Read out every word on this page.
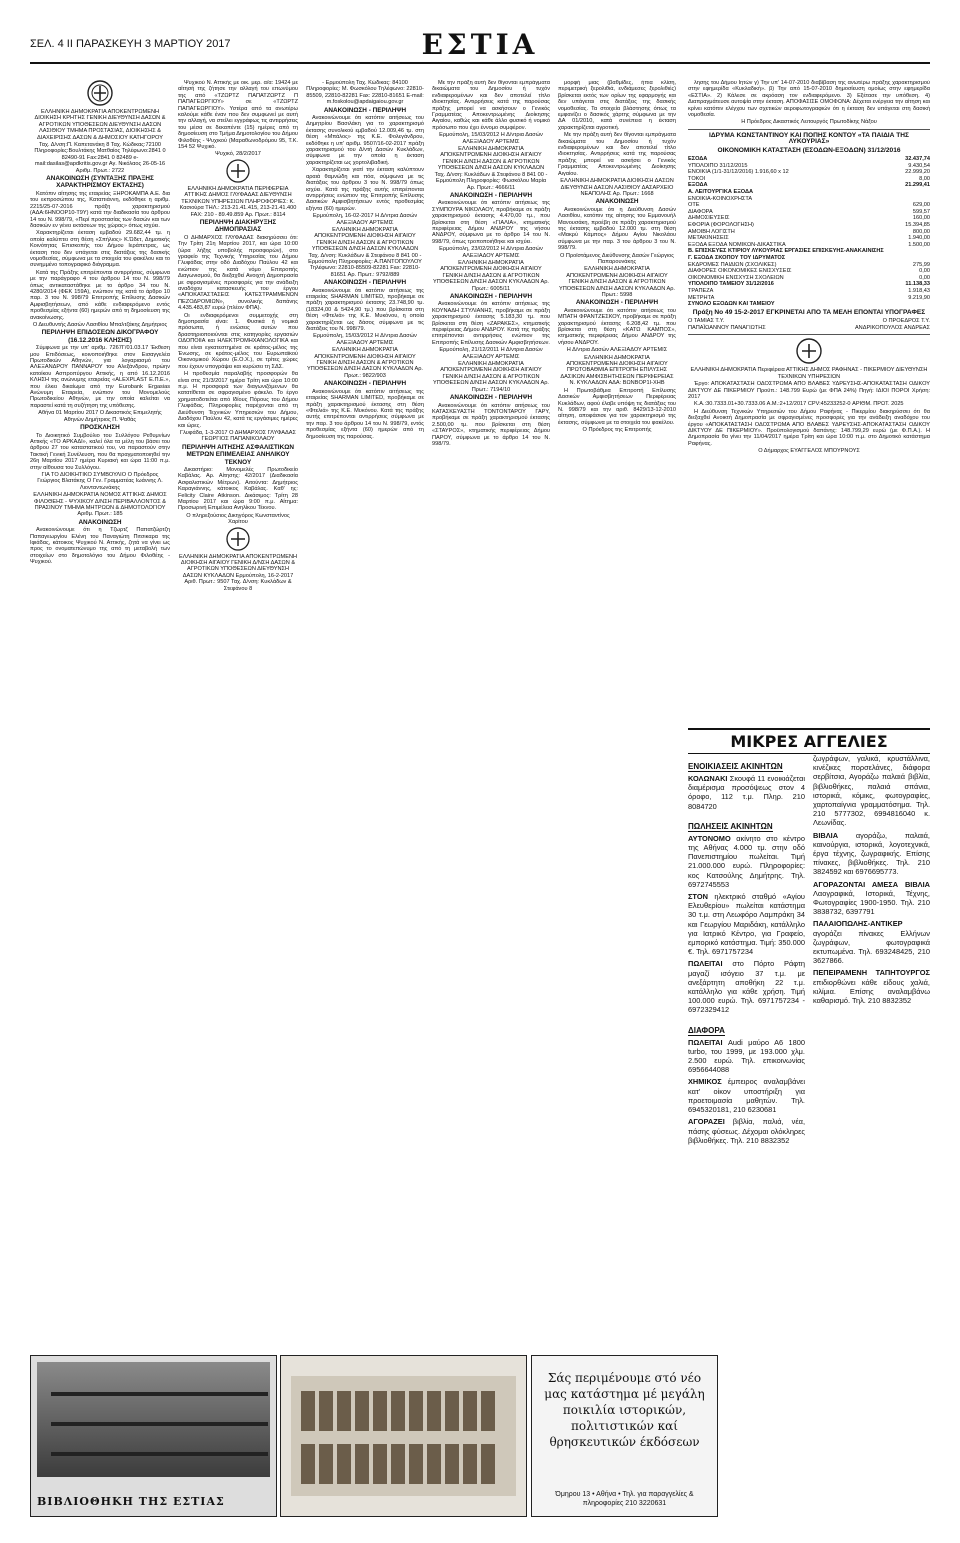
ΣΕΛ. 4 ΙΙ ΠΑΡΑΣΚΕΥΗ 3 ΜΑΡΤΙΟΥ 2017	ΕΣΤΙΑ

ΕΛΛΗΝΙΚΗ ΔΗΜΟΚΡΑΤΙΑ ΑΠΟΚΕΝΤΡΩΜΕΝΗ ΔΙΟΙΚΗΣΗ ΚΡΗΤΗΣ ΓΕΝΙΚΗ ΔΙΕΥΘΥΝΣΗ ΔΑΣΩΝ & ΑΓΡΟΤΙΚΩΝ ΥΠΟΘΕΣΕΩΝ ΔΙΕΥΘΥΝΣΗ ΔΑΣΩΝ ΛΑΣΙΘΙΟΥ ΤΜΗΜΑ ΠΡΟΣΤΑΣΙΑΣ, ΔΙΟΙΚΗΣΗΣ & ΔΙΑΧΕΙΡΙΣΗΣ ΔΑΣΩΝ & ΔΗΜΟΣΙΟΥ ΚΑΤΗΓΟΡΟΥ

Ταχ. Δ/νση:Π. Καπετανάκη 8 Ταχ. Κώδικας:72100 Πληροφορίες:Βουλτάκης Ματθαίος Τηλέφωνο:2841 0 82490-91 Fax:2841 0 82489 e-mail:dasilas@apdkritis.gov.gr Αγ. Νικόλαος 26-05-16 Αριθμ. Πρωτ.: 2722

ΑΝΑΚΟΙΝΩΣΗ (ΣΥΝΤΑΞΗΣ ΠΡΑΞΗΣ ΧΑΡΑΚΤΗΡΙΣΜΟΥ ΕΚΤΑΣΗΣ)

Κατόπιν αίτησης της εταιρείας ΞΗΡΟΚΑΜΠΑ Α.Ε. δια του εκπροσώπου της, Καταπιάννη, εκδόθηκε η αριθμ. 2215/25-07-2016 πράξη χαρακτηρισμού (ΑΔΑ:6ΗΝΟΟΡ10-Τ9Υ) κατά την διαδικασία του άρθρου 14 του Ν. 998/79, «Περί προστασίας των δασών και των δασικών εν γένει εκτάσεων της χώρας» όπως ισχύει.

Χαρακτηρίζεται έκταση εμβαδού 29.682,44 τμ. η οποία καλύπτει στη θέση «Σπήλιος» Κ.Ώδετ, Δημοτικής Κοινότητας Επισκοπής του Δήμου Ιεράπετρας, ως έκταση που δεν υπάγεται στις διατάξεις της δασικής νομοθεσίας, σύμφωνα με τα στοιχεία του φακέλου και το συνημμένο τοπογραφικό διάγραμμα.

Κατά της Πράξης επιτρέπονται αντιρρήσεις, σύμφωνα με την παράγραφο 4 του άρθρου 14 του Ν. 998/79 όπως αντικαταστάθηκε με το άρθρο 34 του Ν. 4280/2014 (ΦΕΚ 159Α), ενώπιον της κατά το άρθρο 10 παρ. 3 του Ν. 998/79 Επιτροπής Επίλυσης Δασικών Αμφισβητήσεων, από κάθε ενδιαφερόμενο εντός προθεσμίας εξήντα (60) ημερών από τη δημοσίευση της ανακοίνωσης.

Ο Διευθυντής Δασών Λασιθίου Μπαλτζάκης Δημήτριος

ΠΕΡΙΛΗΨΗ ΕΠΙΔΟΣΕΩΝ ΔΙΚΟΓΡΑΦΟΥ (16.12.2016 ΚΛΗΣΗΣ)

Σύμφωνα με την υπ' αριθμ. 7267Γ/01.03.17 Έκθεση μου Επιδόσεως, κοινοποιήθηκε στον Εισαγγελέα Πρωτοδικών Αθηνών, για λογαριασμό του ΑΛΕΞΑΝΔΡΟΥ ΠΑΝΝΑΡΟΥ του Αλεξάνδρου, πρώην κατοίκου Ασπροπύργου Αττικής, η από 16.12.2016 ΚΛΗΣΗ της ανώνυμης εταιρείας «ALEXPLAST Ε.Π.Ε.», που έλκει δικαίωμα από την Eurobank Ergasias Ανώνυμη Εταιρεία, ενώπιον του Μονομελούς Πρωτοδικείου Αθηνών, με την οποία καλείται να παραστεί κατά τη συζήτηση της υπόθεσης.

Αθήνα 01 Μαρτίου 2017 Ο Δικαστικός Επιμελητής Αθηνών Δημήτριος Π. Ψαθάς

ΠΡΟΣΚΛΗΣΗ

Το Διοικητικό Συμβούλιο του Συλλόγου Ρεθυμνίων Αττικής «ΤΟ ΑΡΚΑΔΙ», καλεί όλα τα μέλη του βάσει του άρθρου 27 του καταστατικού του, να παραστούν στην Τακτική Γενική Συνέλευση, που θα πραγματοποιηθεί την 26η Μαρτίου 2017 ημέρα Κυριακή και ώρα 11:00 π.μ. στην αίθουσα του Συλλόγου.

ΓΙΑ ΤΟ ΔΙΟΙΚΗΤΙΚΟ ΣΥΜΒΟΥΛΙΟ Ο Πρόεδρος Γεώργιος Βλατάκης Ο Γεν. Γραμματέας Ιωάννης Λ. Λιονταντωνάκης

ΕΛΛΗΝΙΚΗ ΔΗΜΟΚΡΑΤΙΑ ΝΟΜΟΣ ΑΤΤΙΚΗΣ ΔΗΜΟΣ ΦΙΛΟΘΕΗΣ - ΨΥΧΙΚΟΥ Δ/ΝΣΗ ΠΕΡΙΒΑΛΛΟΝΤΟΣ & ΠΡΑΣΙΝΟΥ ΤΜΗΜΑ ΜΗΤΡΩΩΝ & ΔΗΜΟΤΟΛΟΓΙΟΥ Αριθμ. Πρωτ.: 185

ΑΝΑΚΟΙΝΩΣΗ

Ανακοινώνουμε ότι η Τζωρτζ Παπατζώρτζη Παπαγεωργίου Ελένη του Παναγιώτη Πιτσικαρα της Ιφιάδας, κάτοικος Ψυχικού Ν. Αττικής, ζητά να γίνει ως προς το ονοματεπώνυμο της από τη μεταβολή των στοιχείων στο δημοτολόγιο του Δήμου Φιλοθέης - Ψυχικού.

Ψυχικού Ν. Αττικής με οικ. μερ. α/α: 19424 με αίτησή της ζήτησε την αλλαγή του επωνύμου της από «ΤΖΩΡΤΖ ΠΑΠΑΤΖΩΡΤΖ Π ΠΑΠΑΓΕΩΡΓΙΟΥ» σε «ΤΖΩΡΤΖ ΠΑΠΑΓΕΩΡΓΙΟΥ». Υστέρα από τα ανωτέρω καλούμε κάθε έναν που δεν συμφωνεί με αυτή την αλλαγή, να στείλει εγγράφως τις αντιρρήσεις του μέσα σε δεκαπέντε (15) ημέρες από τη δημοσίευση στο Τμήμα Δημοτολογίου του Δήμου Φιλοθέης - Ψυχικού (Μαραθωνοδρόμου 95, Τ.Κ. 154 52 Ψυχικό.

Ψυχικό, 28/2/2017

ΕΛΛΗΝΙΚΗ ΔΗΜΟΚΡΑΤΙΑ ΠΕΡΙΦΕΡΕΙΑ ΑΤΤΙΚΗΣ ΔΗΜΟΣ ΓΛΥΦΑΔΑΣ ΔΙΕΥΘΥΝΣΗ ΤΕΧΝΙΚΩΝ ΥΠΗΡΕΣΙΩΝ ΠΛΗΡΟΦΟΡΙΕΣ: Κ. Κασιούρα ΤΗΛ.: 213-21.41.415, 213-21.41.400 FAX: 210 - 89.49.859 Αρ. Πρωτ.: 8114

ΠΕΡΙΛΗΨΗ ΔΙΑΚΗΡΥΞΗΣ ΔΗΜΟΠΡΑΣΙΑΣ

Ο ΔΗΜΑΡΧΟΣ ΓΛΥΦΑΔΑΣ διακηρύσσει ότι: Την Τρίτη 21η Μαρτίου 2017, και ώρα 10:00 (ώρα λήξης υποβολής προσφορών), στο γραφείο της Τεχνικής Υπηρεσίας του Δήμου Γλυφάδας στην οδό Διαδόχου Παύλου 42 και ενώπιον της κατά νόμο Επιτροπής Διαγωνισμού, θα διεξαχθεί Ανοιχτή Δημοπρασία με σφραγισμένες προσφορές για την ανάδειξη αναδόχου κατασκευής του έργου «ΑΠΟΚΑΤΑΣΤΑΣΕΙΣ ΚΑΤΕΣΤΡΑΜΜΕΝΩΝ ΠΕΖΟΔΡΟΜΙΩΝ», συνολικής δαπάνης 4.435.483,87 ευρώ (πλέον ΦΠΑ).

Οι ενδιαφερόμενοι συμμετοχής στη δημοπρασία είναι: 1. Φυσικά ή νομικά πρόσωπα, ή ενώσεις αυτών που δραστηριοποιούνται στις κατηγορίες εργασιών ΟΔΟΠΟΙΙΑ και ΗΛΕΚΤΡΟΜΗΧΑΝΟΛΟΓΙΚΑ και που είναι εγκατεστημένα σε κράτος-μέλος της Ένωσης, σε κράτος-μέλος του Ευρωπαϊκού Οικονομικού Χώρου (Ε.Ο.Χ.), σε τρίτες χώρες που έχουν υπογράψει και κυρώσει τη ΣΔΣ.

Η προθεσμία παραλαβής προσφορών θα είναι στις 21/3/2017 ημέρα Τρίτη και ώρα 10:00 π.μ. Η προσφορά των διαγωνιζόμενων θα κατατίθεται σε σφραγισμένο φάκελο. Το έργο χρηματοδοτείται από Ιδίους Πόρους του Δήμου Γλυφάδας. Πληροφορίες παρέχονται από τη Διεύθυνση Τεχνικών Υπηρεσιών του Δήμου, Διαδόχου Παύλου 42, κατά τις εργάσιμες ημέρες και ώρες.

Γλυφάδα, 1-3-2017 Ο ΔΗΜΑΡΧΟΣ ΓΛΥΦΑΔΑΣ ΓΕΩΡΓΙΟΣ ΠΑΠΑΝΙΚΟΛΑΟΥ

ΠΕΡΙΛΗΨΗ ΑΙΤΗΣΗΣ ΑΣΦΑΛΙΣΤΙΚΩΝ ΜΕΤΡΩΝ ΕΠΙΜΕΛΕΙΑΣ ΑΝΗΛΙΚΟΥ ΤΕΚΝΟΥ

Δικαστήριο: Μονομελές Πρωτοδικείο Καβάλας. Αρ. Αίτησης: 42/2017 (Διαδικασία Ασφαλιστικών Μέτρων). Αιτούντα: Δημήτριος Καραγιάννης, κάτοικος Καβάλας. Καθ' ης: Felicity Claire Atkinson. Δικάσιμος: Τρίτη 28 Μαρτίου 2017 και ώρα 9:00 π.μ. Αίτημα: Προσωρινή Επιμέλεια Ανηλίκου Τέκνου.

Ο πληρεξούσιος Δικηγόρος Κωνσταντίνος Χαρίτου

ΕΛΛΗΝΙΚΗ ΔΗΜΟΚΡΑΤΙΑ ΑΠΟΚΕΝΤΡΩΜΕΝΗ ΔΙΟΙΚΗΣΗ ΑΙΓΑΙΟΥ ΓΕΝΙΚΗ Δ/ΝΣΗ ΔΑΣΩΝ & ΑΓΡΟΤΙΚΩΝ ΥΠΟΘΕΣΕΩΝ ΔΙΕΥΘΥΝΣΗ ΔΑΣΩΝ ΚΥΚΛΑΔΩΝ Ερμούπολη, 16-2-2017 Αριθ. Πρωτ.: 9507 Ταχ. Δ/νση: Κυκλάδων & Στεφάνου 8

- Ερμούπολη Ταχ. Κώδικας: 84100 Πληροφορίες: Μ. Φωσκόλου Τηλέφωνο: 22810-85509, 22810-82281 Fax: 22810-81651 E-mail: m.foskolou@apdaigaiou.gov.gr

ΑΝΑΚΟΙΝΩΣΗ - ΠΕΡΙΛΗΨΗ

Ανακοινώνουμε ότι κατόπιν αιτήσεως του Δημητρίου Βασιλάκη για το χαρακτηρισμό έκτασης συνολικού εμβαδού 12.009,46 τμ. στη θέση «Μπάλος» της Κ.Ε. Φολεγάνδρου, εκδόθηκε η υπ' αριθμ. 9507/16-02-2017 πράξη χαρακτηρισμού του Δ/ντή Δασών Κυκλάδων, σύμφωνα με την οποία η έκταση χαρακτηρίζεται ως χορτολιβαδική.

Χαρακτηρίζεται γιατί την έκταση καλύπτουν αραιά θαμνώδη και πόα, σύμφωνα με τις διατάξεις του άρθρου 3 του Ν. 998/79 όπως ισχύει. Κατά της πράξης αυτής επιτρέπονται αντιρρήσεις ενώπιον της Επιτροπής Επίλυσης Δασικών Αμφισβητήσεων εντός προθεσμίας εξήντα (60) ημερών.

Ερμούπολη, 16-02-2017 Η Δ/ντρια Δασών ΑΛΕΞΙΑΔΟΥ ΑΡΤΕΜΙΣ

ΕΛΛΗΝΙΚΗ ΔΗΜΟΚΡΑΤΙΑ ΑΠΟΚΕΝΤΡΩΜΕΝΗ ΔΙΟΙΚΗΣΗ ΑΙΓΑΙΟΥ ΓΕΝΙΚΗ Δ/ΝΣΗ ΔΑΣΩΝ & ΑΓΡΟΤΙΚΩΝ ΥΠΟΘΕΣΕΩΝ Δ/ΝΣΗ ΔΑΣΩΝ ΚΥΚΛΑΔΩΝ Ταχ. Δ/νση: Κυκλάδων & Στεφάνου 8 841 00 - Ερμούπολη Πληροφορίες: Α.ΠΑΝΤΟΠΟΥΛΟΥ Τηλέφωνο: 22810-85509-82281 Fax: 22810-81651 Αρ. Πρωτ.: 9792/889

ΑΝΑΚΟΙΝΩΣΗ - ΠΕΡΙΛΗΨΗ

Ανακοινώνουμε ότι κατόπιν αιτήσεως της εταιρείας SHARMAN LIMITED, προβήκαμε σε πράξη χαρακτηρισμού έκτασης 23.748,90 τμ. (18324,00 & 5424,90 τμ.) που βρίσκεται στη θέση «Φτελιά» της Κ.Ε. Μυκόνου, η οποία χαρακτηρίζεται ως δάσος σύμφωνα με τις διατάξεις του Ν. 998/79.

Ερμούπολη, 15/03/2012 Η Δ/ντρια Δασών ΑΛΕΞΙΑΔΟΥ ΑΡΤΕΜΙΣ

ΕΛΛΗΝΙΚΗ ΔΗΜΟΚΡΑΤΙΑ ΑΠΟΚΕΝΤΡΩΜΕΝΗ ΔΙΟΙΚΗΣΗ ΑΙΓΑΙΟΥ ΓΕΝΙΚΗ Δ/ΝΣΗ ΔΑΣΩΝ & ΑΓΡΟΤΙΚΩΝ ΥΠΟΘΕΣΕΩΝ Δ/ΝΣΗ ΔΑΣΩΝ ΚΥΚΛΑΔΩΝ Αρ. Πρωτ.: 9822/903

ΑΝΑΚΟΙΝΩΣΗ - ΠΕΡΙΛΗΨΗ

Ανακοινώνουμε ότι κατόπιν αιτήσεως της εταιρείας SHARMAN LIMITED, προβήκαμε σε πράξη χαρακτηρισμού έκτασης στη θέση «Φτελιά» της Κ.Ε. Μυκόνου. Κατά της πράξης αυτής επιτρέπονται αντιρρήσεις σύμφωνα με την παρ. 3 του άρθρου 14 του Ν. 998/79, εντός προθεσμίας εξήντα (60) ημερών από τη δημοσίευση της παρούσας.

Με την πράξη αυτή δεν θίγονται εμπράγματα δικαιώματα του Δημοσίου ή τυχόν ενδιαφερομένων και δεν αποτελεί τίτλο ιδιοκτησίας. Αντιρρήσεις κατά της παρούσας πράξης μπορεί να ασκήσουν ο Γενικός Γραμματέας Αποκεντρωμένης Διοίκησης Αιγαίου, καθώς και κάθε άλλο φυσικό ή νομικό πρόσωπο που έχει έννομο συμφέρον.

Ερμούπολη, 15/03/2012 Η Δ/ντρια Δασών ΑΛΕΞΙΑΔΟΥ ΑΡΤΕΜΙΣ

ΕΛΛΗΝΙΚΗ ΔΗΜΟΚΡΑΤΙΑ ΑΠΟΚΕΝΤΡΩΜΕΝΗ ΔΙΟΙΚΗΣΗ ΑΙΓΑΙΟΥ ΓΕΝΙΚΗ Δ/ΝΣΗ ΔΑΣΩΝ & ΑΓΡΟΤΙΚΩΝ ΥΠΟΘΕΣΕΩΝ Δ/ΝΣΗ ΔΑΣΩΝ ΚΥΚΛΑΔΩΝ Ταχ. Δ/νση: Κυκλάδων & Στεφάνου 8 841 00 - Ερμούπολη Πληροφορίες: Φωσκόλου Μαρία Αρ. Πρωτ.: 4666/11

ΑΝΑΚΟΙΝΩΣΗ - ΠΕΡΙΛΗΨΗ

Ανακοινώνουμε ότι κατόπιν αιτήσεως της ΣΥΜΠΟΥΡΑ ΝΙΚΟΛΑΟΥ, προβήκαμε σε πράξη χαρακτηρισμού έκτασης 4.470,00 τμ., που βρίσκεται στη θέση «ΓΙΑΛΙΑ», κτηματικής περιφέρειας Δήμου ΑΝΔΡΟΥ της νήσου ΑΝΔΡΟΥ, σύμφωνα με το άρθρο 14 του Ν. 998/79, όπως τροποποιήθηκε και ισχύει.

Ερμούπολη, 23/02/2012 Η Δ/ντρια Δασών ΑΛΕΞΙΑΔΟΥ ΑΡΤΕΜΙΣ

ΕΛΛΗΝΙΚΗ ΔΗΜΟΚΡΑΤΙΑ ΑΠΟΚΕΝΤΡΩΜΕΝΗ ΔΙΟΙΚΗΣΗ ΑΙΓΑΙΟΥ ΓΕΝΙΚΗ Δ/ΝΣΗ ΔΑΣΩΝ & ΑΓΡΟΤΙΚΩΝ ΥΠΟΘΕΣΕΩΝ Δ/ΝΣΗ ΔΑΣΩΝ ΚΥΚΛΑΔΩΝ Αρ. Πρωτ.: 6005/11

ΑΝΑΚΟΙΝΩΣΗ - ΠΕΡΙΛΗΨΗ

Ανακοινώνουμε ότι κατόπιν αιτήσεως της ΚΟΥΝΑΔΗ ΣΤΥΛΙΑΝΗΣ, προβήκαμε σε πράξη χαρακτηρισμού έκτασης 5.183,30 τμ. που βρίσκεται στη θέση «ΖΑΡΑΚΕΣ», κτηματικής περιφέρειας Δήμου ΑΝΔΡΟΥ. Κατά της πράξης επιτρέπονται αντιρρήσεις ενώπιον της Επιτροπής Επίλυσης Δασικών Αμφισβητήσεων.

Ερμούπολη, 21/12/2011 Η Δ/ντρια Δασών ΑΛΕΞΙΑΔΟΥ ΑΡΤΕΜΙΣ

ΕΛΛΗΝΙΚΗ ΔΗΜΟΚΡΑΤΙΑ ΑΠΟΚΕΝΤΡΩΜΕΝΗ ΔΙΟΙΚΗΣΗ ΑΙΓΑΙΟΥ ΓΕΝΙΚΗ Δ/ΝΣΗ ΔΑΣΩΝ & ΑΓΡΟΤΙΚΩΝ ΥΠΟΘΕΣΕΩΝ Δ/ΝΣΗ ΔΑΣΩΝ ΚΥΚΛΑΔΩΝ Αρ. Πρωτ.: 7194/10

ΑΝΑΚΟΙΝΩΣΗ - ΠΕΡΙΛΗΨΗ

Ανακοινώνουμε ότι κατόπιν αιτήσεως του ΚΑΤΑΣΚΕΥΑΣΤΗ ΤΟΝΤΟΝΤΑΡΟΥ ΓΑΡΥ, προβήκαμε σε πράξη χαρακτηρισμού έκτασης 2.500,00 τμ. που βρίσκεται στη θέση «ΣΤΑΥΡΟΣ», κτηματικής περιφέρειας Δήμου ΠΑΡΟΥ, σύμφωνα με το άρθρο 14 του Ν. 998/79.

μορφή μιας (βαθμίδες, ήπια κλίση, περιμετρική ξερολιθιά, ενδιάμεσες ξερολιθιές) βρίσκεται εκτός των ορίων της εφαρμογής και δεν υπάγεται στις διατάξεις της δασικής νομοθεσίας. Τα στοιχεία βλάστησης όπως τα εμφανίζει ο δασικός χάρτης σύμφωνα με την ΔΑ 01/2010, κατά συνέπεια η έκταση χαρακτηρίζεται αγροτική.

Με την πράξη αυτή δεν θίγονται εμπράγματα δικαιώματα του Δημοσίου ή τυχόν ενδιαφερομένων και δεν αποτελεί τίτλο ιδιοκτησίας. Αντιρρήσεις κατά της παρούσας πράξης μπορεί να ασκήσει ο Γενικός Γραμματέας Αποκεντρωμένης Διοίκησης Αιγαίου.

ΕΛΛΗΝΙΚΗ ΔΗΜΟΚΡΑΤΙΑ ΔΙΟΙΚΗΣΗ ΔΑΣΩΝ ΔΙΕΥΘΥΝΣΗ ΔΑΣΩΝ ΛΑΣΙΘΙΟΥ ΔΑΣΑΡΧΕΙΟ ΝΕΑΠΟΛΗΣ Αρ. Πρωτ.: 1668

ΑΝΑΚΟΙΝΩΣΗ

Ανακοινώνουμε ότι η Διεύθυνση Δασών Λασιθίου, κατόπιν της αίτησης του Εμμανουήλ Μανουσάκη, προέβη σε πράξη χαρακτηρισμού της έκτασης εμβαδού 12.000 τμ. στη θέση «Μακρύ Κάμπος» Δήμου Αγίου Νικολάου σύμφωνα με την παρ. 3 του άρθρου 3 του Ν. 998/79.

Ο Προϊστάμενος Διεύθυνσης Δασών Γεώργιος Παπαρουνάκης

ΕΛΛΗΝΙΚΗ ΔΗΜΟΚΡΑΤΙΑ ΑΠΟΚΕΝΤΡΩΜΕΝΗ ΔΙΟΙΚΗΣΗ ΑΙΓΑΙΟΥ ΓΕΝΙΚΗ Δ/ΝΣΗ ΔΑΣΩΝ & ΑΓΡΟΤΙΚΩΝ ΥΠΟΘΕΣΕΩΝ Δ/ΝΣΗ ΔΑΣΩΝ ΚΥΚΛΑΔΩΝ Αρ. Πρωτ.: 5998

ΑΝΑΚΟΙΝΩΣΗ - ΠΕΡΙΛΗΨΗ

Ανακοινώνουμε ότι κατόπιν αιτήσεως του ΜΠΑΤΗ ΦΡΑΝΤΖΕΣΚΟΥ, προβήκαμε σε πράξη χαρακτηρισμού έκτασης 6.208,42 τμ. που βρίσκεται στη θέση «ΚΑΤΩ ΚΑΜΠΟΣ», κτηματικής περιφέρειας Δήμου ΑΝΔΡΟΥ της νήσου ΑΝΔΡΟΥ.

Η Δ/ντρια Δασών ΑΛΕΞΙΑΔΟΥ ΑΡΤΕΜΙΣ

ΕΛΛΗΝΙΚΗ ΔΗΜΟΚΡΑΤΙΑ ΑΠΟΚΕΝΤΡΩΜΕΝΗ ΔΙΟΙΚΗΣΗ ΑΙΓΑΙΟΥ ΠΡΩΤΟΒΑΘΜΙΑ ΕΠΙΤΡΟΠΗ ΕΠΙΛΥΣΗΣ ΔΑΣΙΚΩΝ ΑΜΦΙΣΒΗΤΗΣΕΩΝ ΠΕΡΙΦΕΡΕΙΑΣ Ν. ΚΥΚΛΑΔΩΝ ΑΔΑ: ΒΩΝΒΟΡ1Ι-ΧΗΒ

Η Πρωτοβάθμια Επιτροπή Επίλυσης Δασικών Αμφισβητήσεων Περιφέρειας Κυκλάδων, αφού έλαβε υπόψη τις διατάξεις του Ν. 998/79 και την αριθ. 8429/13-12-2010 αίτηση, αποφάσισε για τον χαρακτηρισμό της έκτασης, σύμφωνα με τα στοιχεία του φακέλου.

Ο Πρόεδρος της Επιτροπής

λησης του Δήμου Ιητών γ) Την υπ' 14-07-2010 διαβίβαση της ανωτέρω πράξης χαρακτηρισμού στην εφημερίδα «Κυκλαδική». β) Την από 15-07-2010 δημοσίευση ομοίως στην εφημερίδα «ΕΣΤΙΑ». 2) Κάλεσε σε ακρόαση τον ενδιαφερόμενο. 3) Εξέτασε την υπόθεση. 4) Διαπραγμάτευσε αυτοψία στην έκταση. ΑΠΟΦΑΣΙΣΕ ΟΜΟΦΩΝΑ: Δέχεται ενέργεια την αίτηση και κρίνει κατόπιν ελέγχου των σχετικών αεροφωτογραφιών ότι η έκταση δεν υπάγεται στη δασική νομοθεσία.

Η Πρόεδρος Δικαστικός Λειτουργός Πρωτοδίκης Νάξου

ΙΔΡΥΜΑ ΚΩΝΣΤΑΝΤΙΝΟΥ ΚΑΙ ΠΟΠΗΣ ΚΟΝΤΟΥ «ΤΑ ΠΑΙΔΙΑ ΤΗΣ ΛΥΚΟΥΡΙΑΣ»
ΟΙΚΟΝΟΜΙΚΗ ΚΑΤΑΣΤΑΣΗ (ΕΣΟΔΩΝ-ΕΞΟΔΩΝ) 31/12/2016
ΕΣΟΔΑ	32.437,74
ΥΠΟΛΟΙΠΟ 31/12/2015	9.430,54
ΕΝΟΙΚΙΑ (1/1-31/12/2016) 1.916,60 x 12	22.999,20
ΤΟΚΟΙ	8,00
ΕΞΟΔΑ	21.299,41
Α. ΛΕΙΤΟΥΡΓΙΚΑ ΕΞΟΔΑ
ΕΝΟΙΚΙΑ-ΚΟΙΝΟΧΡΗΣΤΑ
ΟΤΕ	629,00
ΔΙΑΦΟΡΑ	599,57
ΔΗΜΟΣΙΕΥΣΕΙΣ	160,00
ΕΦΟΡΙΑ (ΦΟΡΟΛΟΓΗΣΗ)	15.394,85
ΑΜΟΙΒΗ ΛΟΓΙΣΤΗ	800,00
ΜΕΤΑΚΙΝΗΣΕΙΣ	1.940,00
ΕΞΟΔΑ ΕΞΟΔΑ ΝΟΜΙΚΩΝ-ΔΙΚΑΣΤΙΚΑ	1.500,00
Β. ΕΠΙΣΚΕΥΕΣ ΚΤΙΡΙΟΥ ΛΥΚΟΥΡΙΑΣ ΕΡΓΑΣΙΕΣ ΕΠΙΣΚΕΥΗΣ-ΑΝΑΚΑΙΝΙΣΗΣ
Γ. ΕΞΟΔΑ ΣΚΟΠΟΥ ΤΟΥ ΙΔΡΥΜΑΤΟΣ
ΕΚΔΡΟΜΕΣ ΠΑΙΔΙΩΝ (ΣΧΟΛΙΚΕΣ)	275,99
ΔΙΑΦΟΡΕΣ ΟΙΚΟΝΟΜΙΚΕΣ ΕΝΙΣΧΥΣΕΙΣ	0,00
ΟΙΚΟΝΟΜΙΚΗ ΕΝΙΣΧΥΣΗ ΣΧΟΛΕΙΩΝ	0,00
ΥΠΟΛΟΙΠΟ ΤΑΜΕΙΟΥ 31/12/2016	11.138,33
ΤΡΑΠΕΖΑ	1.918,43
ΜΕΤΡΗΤΑ	9.219,90
ΣΥΝΟΛΟ ΕΞΟΔΩΝ ΚΑΙ ΤΑΜΕΙΟΥ
Πράξη Νο 49 15-2-2017 ΕΓΚΡΙΝΕΤΑΙ ΑΠΟ ΤΑ ΜΕΛΗ ΕΠΟΝΤΑΙ ΥΠΟΓΡΑΦΕΣ
Ο ΤΑΜΙΑΣ Τ.Υ.	Ο ΠΡΟΕΔΡΟΣ Τ.Υ.
ΠΑΠΑΪΩΑΝΝΟΥ ΠΑΝΑΓΙΩΤΗΣ	ΑΝΔΡΙΚΟΠΟΥΛΟΣ ΑΝΔΡΕΑΣ

ΕΛΛΗΝΙΚΗ ΔΗΜΟΚΡΑΤΙΑ Περιφέρεια ΑΤΤΙΚΗΣ ΔΗΜΟΣ ΡΑΦΗΝΑΣ - ΠΙΚΕΡΜΙΟΥ ΔΙΕΥΘΥΝΣΗ ΤΕΧΝΙΚΩΝ ΥΠΗΡΕΣΙΩΝ

Έργο: ΑΠΟΚΑΤΑΣΤΑΣΗ ΟΔΟΣΤΡΩΜΑ ΑΠΟ ΒΛΑΒΕΣ ΥΔΡΕΥΣΗΣ-ΑΠΟΚΑΤΑΣΤΑΣΗ ΟΔΙΚΟΥ ΔΙΚΤΥΟΥ ΔΕ ΠΙΚΕΡΜΙΟΥ Προϋπ.: 148.799 Ευρώ (με ΦΠΑ 24%) Πηγή: ΙΔΙΟΙ ΠΟΡΟΙ Χρήση: 2017

Κ.Α.:30.7333.01+30.7333.06 Α.Μ.:2+12/2017 CPV:45233252-0 ΑΡΙΘΜ. ΠΡΩΤ. 2025

Η Διεύθυνση Τεχνικών Υπηρεσιών του Δήμου Ραφήνας - Πικερμίου διακηρύσσει ότι θα διεξαχθεί Ανοικτή Δημοπρασία με σφραγισμένες προσφορές για την ανάδειξη αναδόχου του έργου «ΑΠΟΚΑΤΑΣΤΑΣΗ ΟΔΟΣΤΡΩΜΑ ΑΠΟ ΒΛΑΒΕΣ ΥΔΡΕΥΣΗΣ-ΑΠΟΚΑΤΑΣΤΑΣΗ ΟΔΙΚΟΥ ΔΙΚΤΥΟΥ ΔΕ ΠΙΚΕΡΜΙΟΥ». Προϋπολογισμού δαπάνης: 148.799,29 ευρώ (με Φ.Π.Α.). Η Δημοπρασία θα γίνει την 11/04/2017 ημέρα Τρίτη και ώρα 10:00 π.μ. στο Δημοτικό κατάστημα Ραφήνας.

Ο Δήμαρχος ΕΥΑΓΓΕΛΟΣ ΜΠΟΥΡΝΟΥΣ

ΜΙΚΡΕΣ ΑΓΓΕΛΙΕΣ
ΕΝΟΙΚΙΑΣΕΙΣ ΑΚΙΝΗΤΩΝ

ΚΟΛΩΝΑΚΙ Σκουφά 11 ενοικιάζεται διαμέρισμα προσόψεως στον 4 όροφο, 112 τ.μ. Πληρ. 210 8084720

ΠΩΛΗΣΕΙΣ ΑΚΙΝΗΤΩΝ

ΑΥΤΟΝΟΜΟ ακίνητο στο κέντρο της Αθήνας 4.000 τμ. στην οδό Πανεπιστημίου πωλείται. Τιμή 21.000.000 ευρώ. Πληροφορίες: κος Κατσούλης Δημήτρης. Τηλ. 6972745553

ΣΤΟΝ ηλεκτρικό σταθμό «Αγίου Ελευθερίου» πωλείται κατάστημα 30 τ.μ. στη Λεωφόρο Λαμπράκη 34 και Γεωργίου Μαριδάκη, κατάλληλο για Ιατρικό Κέντρο, για Γραφείο, εμπορικό κατάστημα. Τιμή: 350.000 €. Τηλ. 6971757234

ΠΩΛΕΙΤΑΙ στο Πόρτο Ράφτη μαγαζί ισόγειο 37 τ.μ. με ανεξάρτητη αποθήκη 22 τ.μ. κατάλληλο για κάθε χρήση. Τιμή 100.000 ευρώ. Τηλ. 6971757234 - 6972329412

ΔΙΑΦΟΡΑ

ΠΩΛΕΙΤΑΙ Audi μαύρο Α6 1800 turbo, του 1999, με 193.000 χλμ. 2.500 ευρώ. Τηλ. επικοινωνίας 6956644088

ΧΗΜΙΚΟΣ έμπειρος αναλαμβάνει κατ' οίκον υποστήριξη για προετοιμασία μαθητών. Τηλ. 6945320181, 210 6230681

ΑΓΟΡΑΖΕΙ βιβλία, παλιά, νέα, πάσης φύσεως. Δέχομαι ολόκληρες βιβλιοθήκες. Τηλ. 210 8832352

ζωγράφων, γαλικά, κρυστάλλινα, κινέζικες πορσελάνες, διάφορα σερβίτσια, Αγοράζω παλαιά βιβλία, βιβλιοθήκες, παλαιά σπάνια, ιστορικά, κόμικς, φωτογραφίες, χαρτοπαίγνια γραμματόσημα. Τηλ. 210 5777302, 6994816040 κ. Λεωνίδας.

ΒΙΒΛΙΑ αγοράζω, παλαιά, καινούργια, ιστορικά, λογοτεχνικά, έργα τέχνης, ζωγραφικής. Επίσης πίνακες, βιβλιοθήκες. Τηλ. 210 3824592 και 6976695773.

ΑΓΟΡΑΖΟΝΤΑΙ ΑΜΕΣΑ ΒΙΒΛΙΑ Λαογραφικά, Ιστορικά, Τέχνης, Φωτογραφίες 1900-1950. Τηλ. 210 3838732, 6397791

ΠΑΛΑΙΟΠΩΛΗΣ-ΑΝΤΙΚΕΡ αγοράζει πίνακες Ελλήνων ζωγράφων, φωτογραφικά εκτυπωμένα. Τηλ. 693248425, 210 3627866.

ΠΕΠΕΙΡΑΜΕΝΗ ΤΑΠΗΤΟΥΡΓΟΣ επιδιορθώνει κάθε είδους χαλιά, κιλίμια. Επίσης αναλαμβάνω καθαρισμό. Τηλ. 210 8832352

ΒΙΒΛΙΟΘΗΚΗ ΤΗΣ ΕΣΤΙΑΣ
Σάς περιμένουμε στό νέο μας κατάστημα μέ μεγάλη ποικιλία ιστορικών, πολιτιστικών καί θρησκευτικών έκδόσεων
Όμηρου 13 • Αθήνα • Τηλ. για παραγγελίες & πληροφορίες 210 3220631
